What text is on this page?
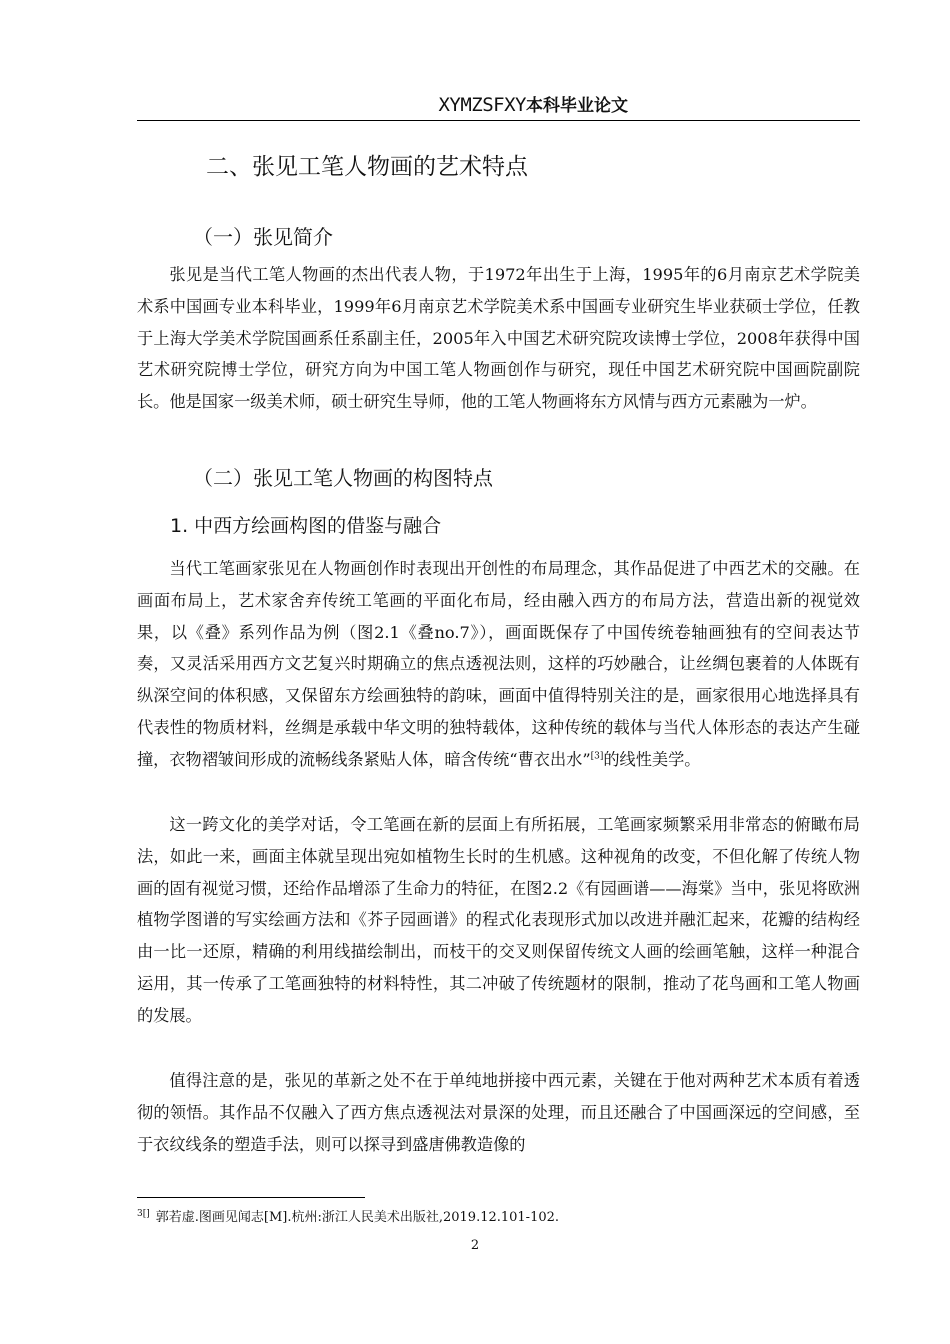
XYMZSFXY本科毕业论文
二、张见工笔人物画的艺术特点
（一）张见简介

张见是当代工笔人物画的杰出代表人物，于1972年出生于上海，1995年的6月南京艺术学院美术系中国画专业本科毕业，1999年6月南京艺术学院美术系中国画专业研究生毕业获硕士学位，任教于上海大学美术学院国画系任系副主任，2005年入中国艺术研究院攻读博士学位，2008年获得中国艺术研究院博士学位，研究方向为中国工笔人物画创作与研究，现任中国艺术研究院中国画院副院长。他是国家一级美术师，硕士研究生导师，他的工笔人物画将东方风情与西方元素融为一炉。

（二）张见工笔人物画的构图特点
1. 中西方绘画构图的借鉴与融合

当代工笔画家张见在人物画创作时表现出开创性的布局理念，其作品促进了中西艺术的交融。在画面布局上，艺术家舍弃传统工笔画的平面化布局，经由融入西方的布局方法，营造出新的视觉效果，以《叠》系列作品为例（图2.1《叠no.7》），画面既保存了中国传统卷轴画独有的空间表达节奏，又灵活采用西方文艺复兴时期确立的焦点透视法则，这样的巧妙融合，让丝绸包裹着的人体既有纵深空间的体积感，又保留东方绘画独特的韵味，画面中值得特别关注的是，画家很用心地选择具有代表性的物质材料，丝绸是承载中华文明的独特载体，这种传统的载体与当代人体形态的表达产生碰撞，衣物褶皱间形成的流畅线条紧贴人体，暗含传统“曹衣出水”[3]的线性美学。

这一跨文化的美学对话，令工笔画在新的层面上有所拓展，工笔画家频繁采用非常态的俯瞰布局法，如此一来，画面主体就呈现出宛如植物生长时的生机感。这种视角的改变，不但化解了传统人物画的固有视觉习惯，还给作品增添了生命力的特征，在图2.2《有园画谱——海棠》当中，张见将欧洲植物学图谱的写实绘画方法和《芥子园画谱》的程式化表现形式加以改进并融汇起来，花瓣的结构经由一比一还原，精确的利用线描绘制出，而枝干的交叉则保留传统文人画的绘画笔触，这样一种混合运用，其一传承了工笔画独特的材料特性，其二冲破了传统题材的限制，推动了花鸟画和工笔人物画的发展。

值得注意的是，张见的革新之处不在于单纯地拼接中西元素，关键在于他对两种艺术本质有着透彻的领悟。其作品不仅融入了西方焦点透视法对景深的处理，而且还融合了中国画深远的空间感，至于衣纹线条的塑造手法，则可以探寻到盛唐佛教造像的

$^{3[]}$ 郭若虚.图画见闻志[M].杭州:浙江人民美术出版社,2019.12.101-102.
2
